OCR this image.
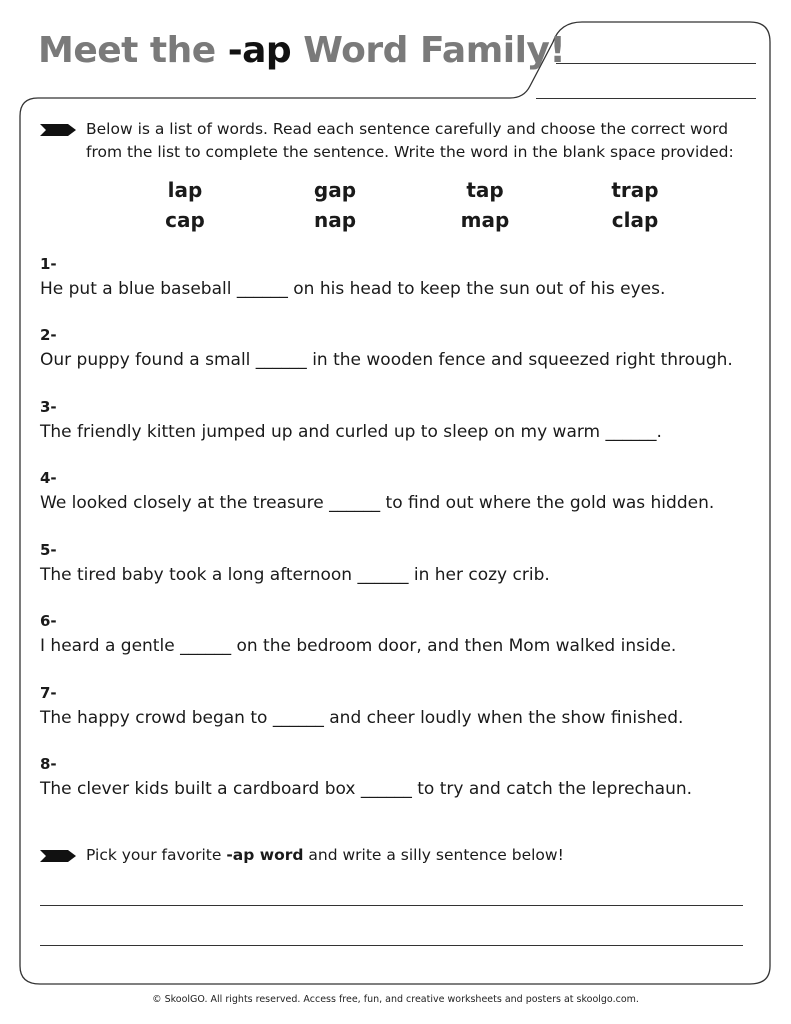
Meet the -ap Word Family!
Below is a list of words. Read each sentence carefully and choose the correct word from the list to complete the sentence. Write the word in the blank space provided:
lap	gap	tap	trap
cap	nap	map	clap
1-
He put a blue baseball ______ on his head to keep the sun out of his eyes.
2-
Our puppy found a small ______ in the wooden fence and squeezed right through.
3-
The friendly kitten jumped up and curled up to sleep on my warm ______.
4-
We looked closely at the treasure ______ to find out where the gold was hidden.
5-
The tired baby took a long afternoon ______ in her cozy crib.
6-
I heard a gentle ______ on the bedroom door, and then Mom walked inside.
7-
The happy crowd began to ______ and cheer loudly when the show finished.
8-
The clever kids built a cardboard box ______ to try and catch the leprechaun.
Pick your favorite -ap word and write a silly sentence below!
© SkoolGO. All rights reserved. Access free, fun, and creative worksheets and posters at skoolgo.com.
